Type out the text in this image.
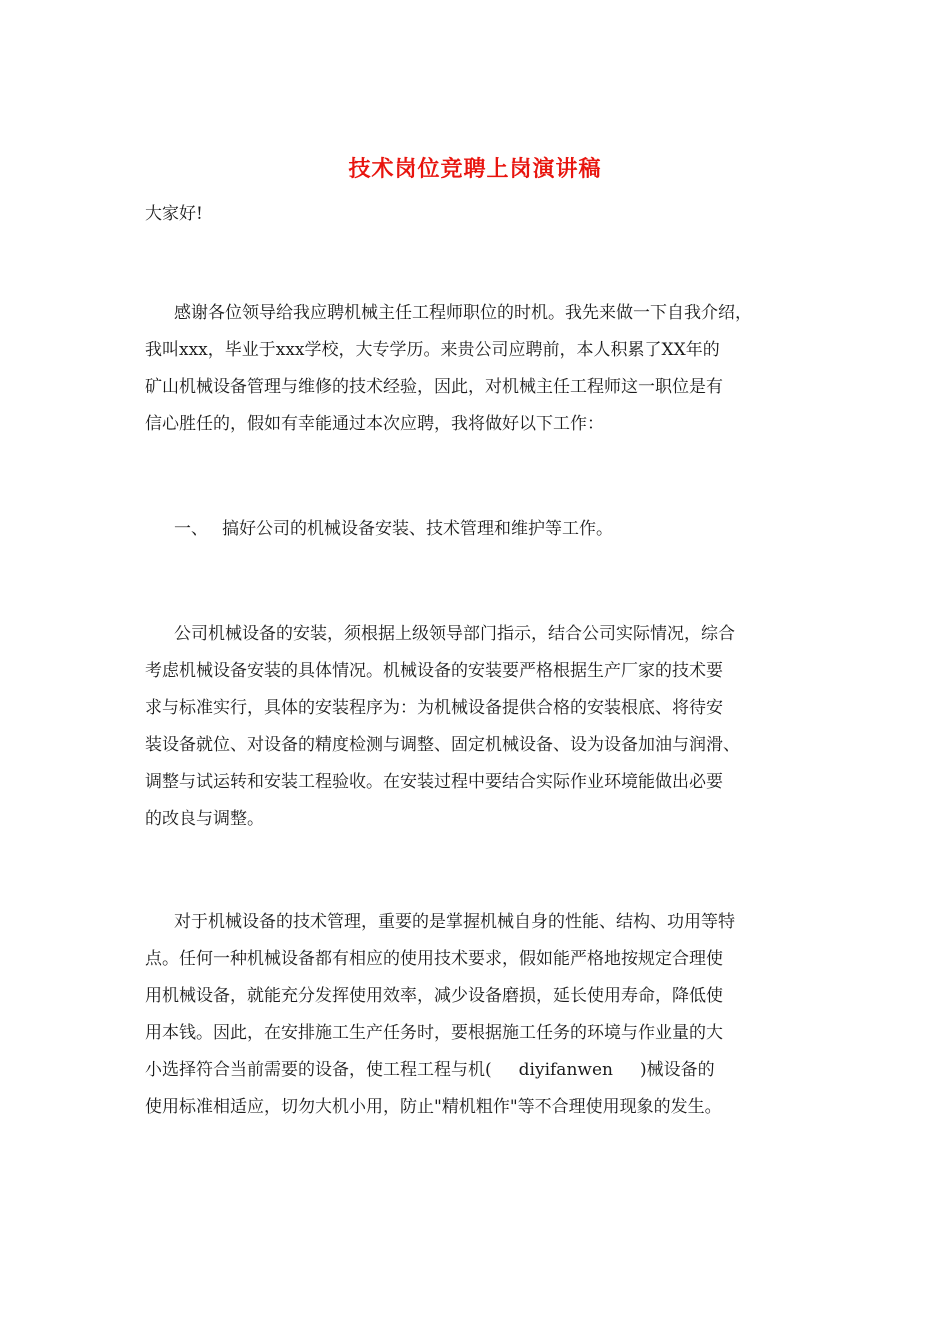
技术岗位竞聘上岗演讲稿
大家好!
感谢各位领导给我应聘机械主任工程师职位的时机。我先来做一下自我介绍，
我叫xxx，毕业于xxx学校，大专学历。来贵公司应聘前，本人积累了XX年的
矿山机械设备管理与维修的技术经验，因此，对机械主任工程师这一职位是有
信心胜任的，假如有幸能通过本次应聘，我将做好以下工作：
一、 搞好公司的机械设备安装、技术管理和维护等工作。
公司机械设备的安装，须根据上级领导部门指示，结合公司实际情况，综合
考虑机械设备安装的具体情况。机械设备的安装要严格根据生产厂家的技术要
求与标准实行，具体的安装程序为：为机械设备提供合格的安装根底、将待安
装设备就位、对设备的精度检测与调整、固定机械设备、设为设备加油与润滑、
调整与试运转和安装工程验收。在安装过程中要结合实际作业环境能做出必要
的改良与调整。
对于机械设备的技术管理，重要的是掌握机械自身的性能、结构、功用等特
点。任何一种机械设备都有相应的使用技术要求，假如能严格地按规定合理使
用机械设备，就能充分发挥使用效率，减少设备磨损，延长使用寿命，降低使
用本钱。因此，在安排施工生产任务时，要根据施工任务的环境与作业量的大
小选择符合当前需要的设备，使工程工程与机(     diyifanwen     )械设备的
使用标准相适应，切勿大机小用，防止"精机粗作"等不合理使用现象的发生。
